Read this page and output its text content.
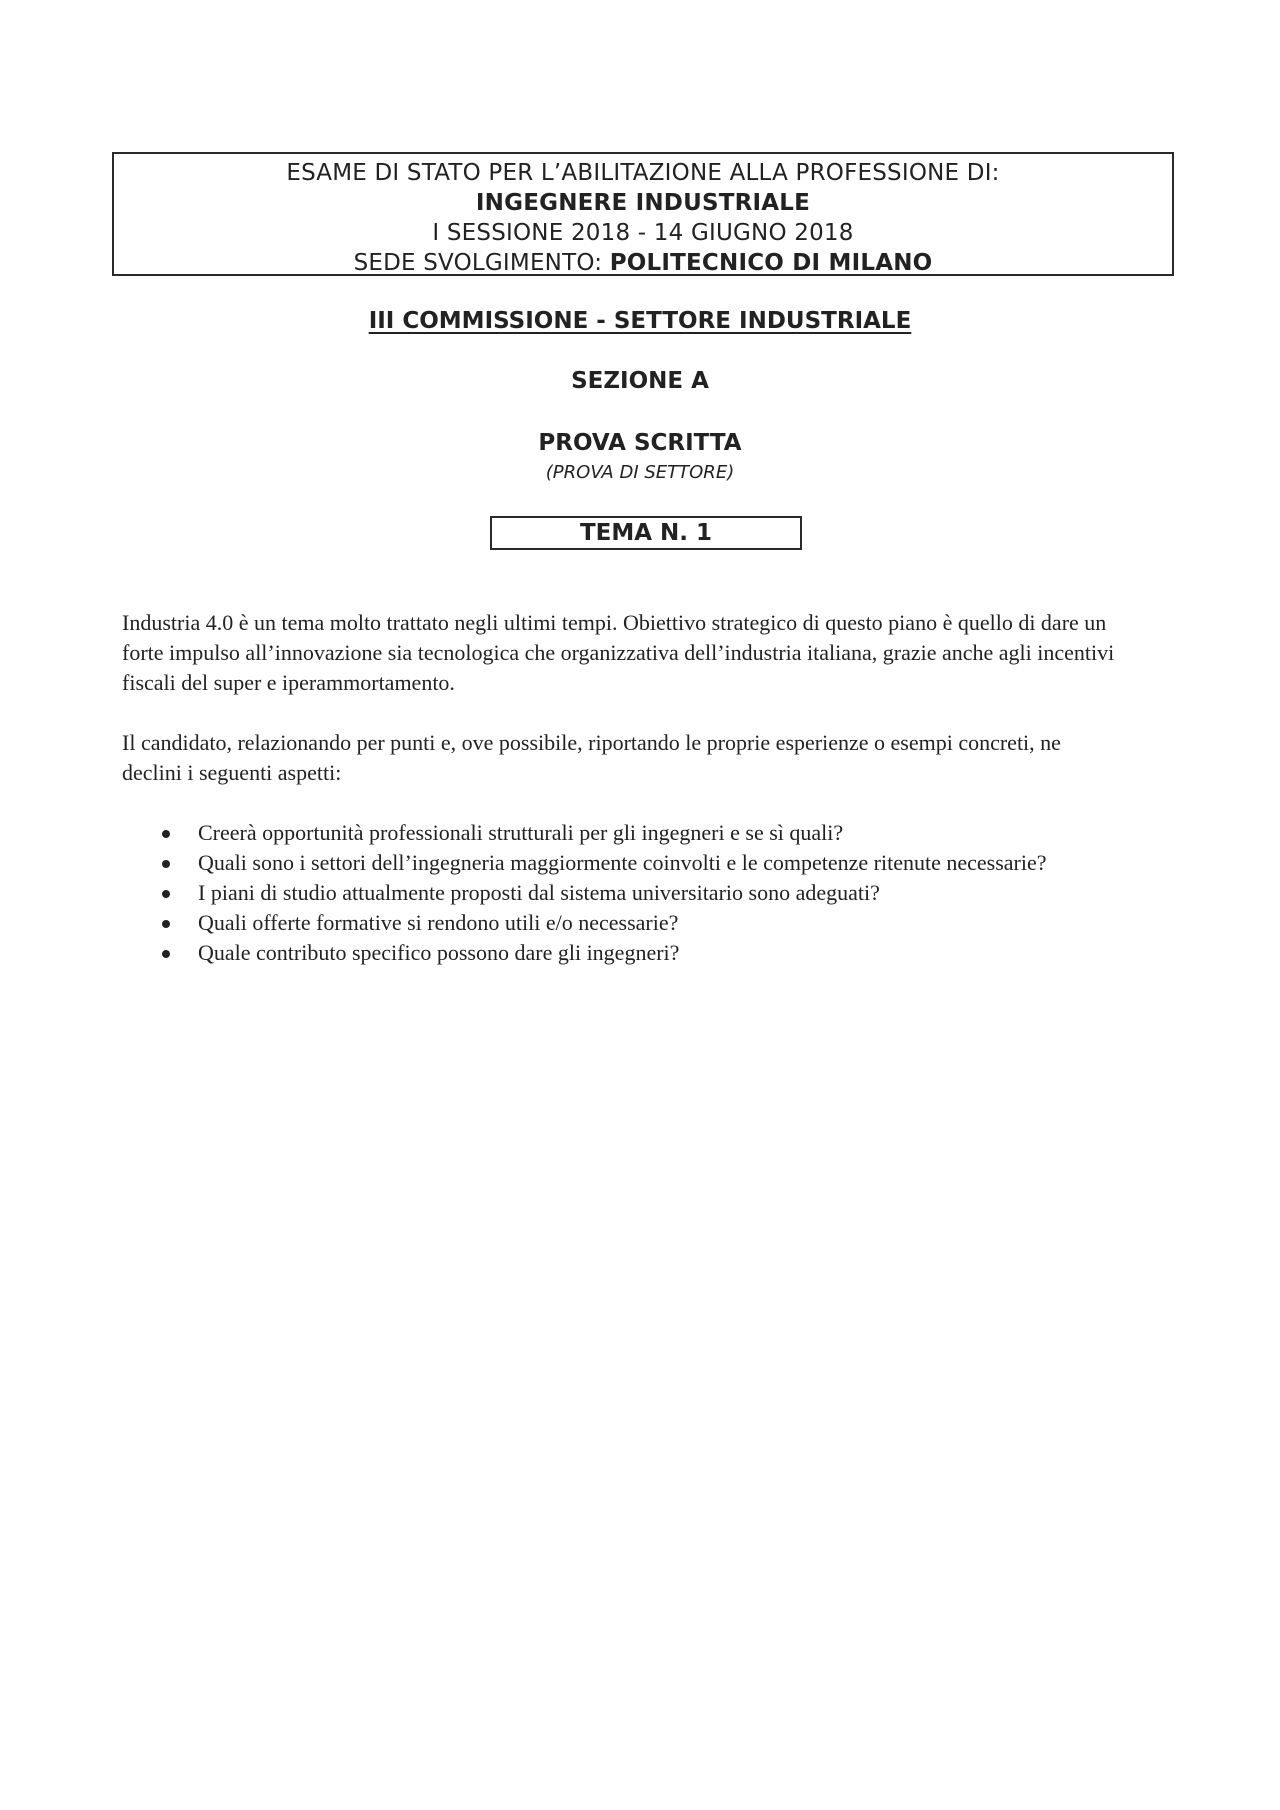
ESAME DI STATO PER L’ABILITAZIONE ALLA PROFESSIONE DI:
INGEGNERE INDUSTRIALE
I SESSIONE 2018 - 14 GIUGNO 2018
SEDE SVOLGIMENTO: POLITECNICO DI MILANO
III COMMISSIONE - SETTORE INDUSTRIALE
SEZIONE A
PROVA SCRITTA
(PROVA DI SETTORE)
TEMA N. 1
Industria 4.0 è un tema molto trattato negli ultimi tempi. Obiettivo strategico di questo piano è quello di dare un forte impulso all’innovazione sia tecnologica che organizzativa dell’industria italiana, grazie anche agli incentivi fiscali del super e iperammortamento.
Il candidato, relazionando per punti e, ove possibile, riportando le proprie esperienze o esempi concreti, ne declini i seguenti aspetti:
Creerà opportunità professionali strutturali per gli ingegneri e se sì quali?
Quali sono i settori dell’ingegneria maggiormente coinvolti e le competenze ritenute necessarie?
I piani di studio attualmente proposti dal sistema universitario sono adeguati?
Quali offerte formative si rendono utili e/o necessarie?
Quale contributo specifico possono dare gli ingegneri?
